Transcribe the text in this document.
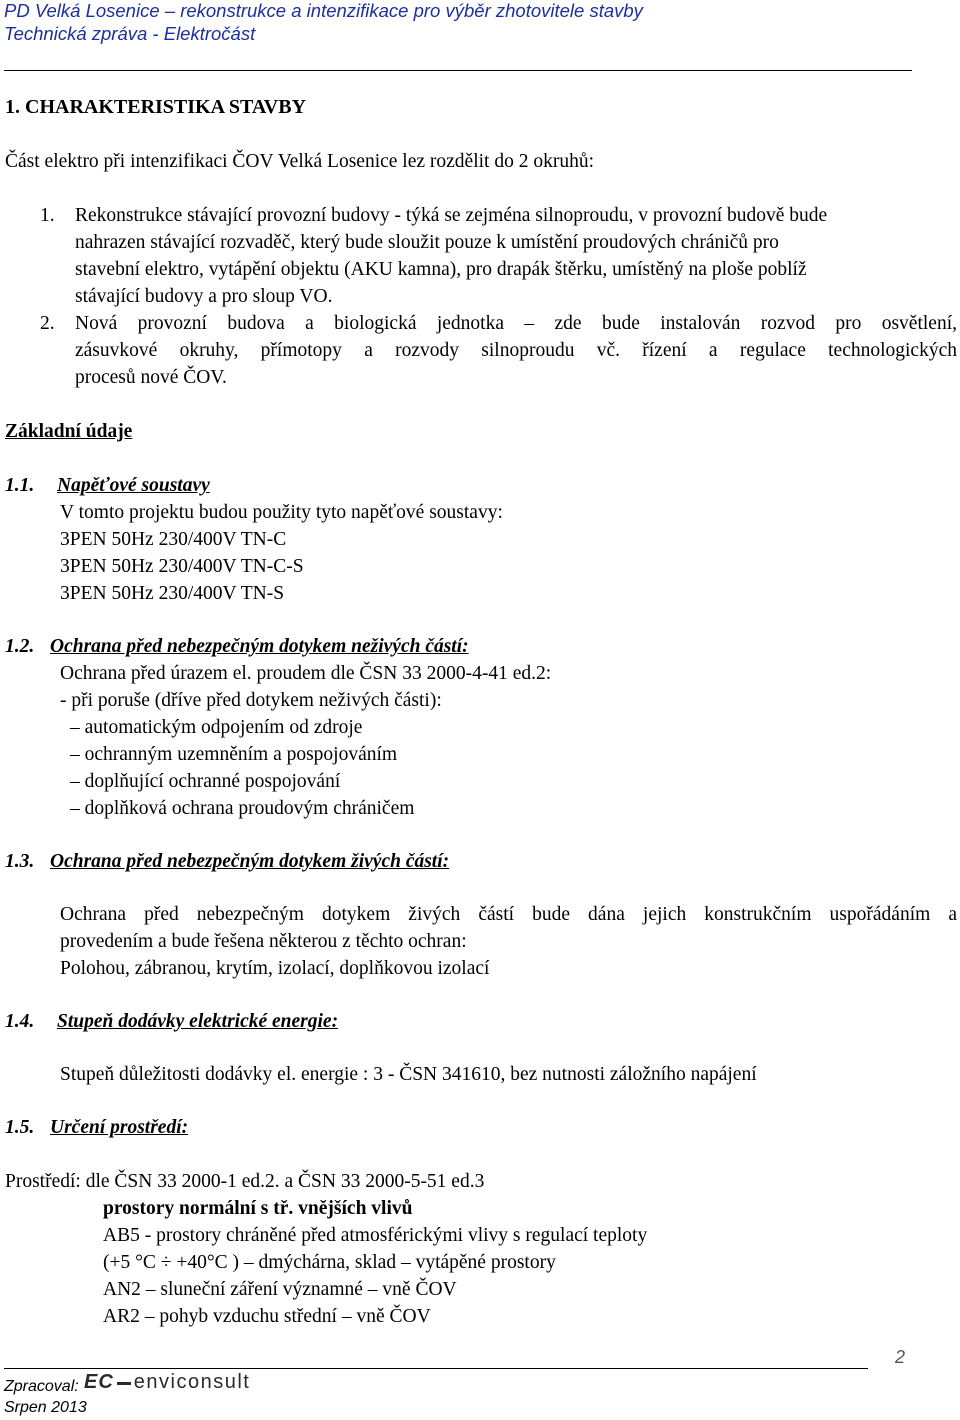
PD Velká Losenice – rekonstrukce a intenzifikace pro výběr zhotovitele stavby
Technická zpráva - Elektročást
1. CHARAKTERISTIKA STAVBY
Část elektro při intenzifikaci ČOV Velká Losenice lez rozdělit do 2 okruhů:
1. Rekonstrukce stávající provozní budovy - týká se zejména silnoproudu, v provozní budově bude
nahrazen stávající rozvaděč, který bude sloužit pouze k umístění proudových chráničů pro
stavební elektro, vytápění objektu (AKU kamna), pro drapák štěrku, umístěný na ploše poblíž
stávající budovy a pro sloup VO.
2. Nová provozní budova a biologická jednotka – zde bude instalován rozvod pro osvětlení,
zásuvkové okruhy, přímotopy a rozvody silnoproudu vč. řízení a regulace technologických
procesů nové ČOV.
Základní údaje
1.1. Napěťové soustavy
V tomto projektu budou použity tyto napěťové soustavy:
3PEN 50Hz 230/400V TN-C
3PEN 50Hz 230/400V TN-C-S
3PEN 50Hz 230/400V TN-S
1.2. Ochrana před nebezpečným dotykem neživých částí:
Ochrana před úrazem el. proudem dle ČSN 33 2000-4-41 ed.2:
- při poruše (dříve před dotykem neživých části):
– automatickým odpojením od zdroje
– ochranným uzemněním a pospojováním
– doplňující ochranné pospojování
– doplňková ochrana proudovým chráničem
1.3. Ochrana před nebezpečným dotykem živých částí:
Ochrana před nebezpečným dotykem živých částí bude dána jejich konstrukčním uspořádáním a
provedením a bude řešena některou z těchto ochran:
Polohou, zábranou, krytím, izolací, doplňkovou izolací
1.4. Stupeň dodávky elektrické energie:
Stupeň důležitosti dodávky el. energie : 3 - ČSN 341610, bez nutnosti záložního napájení
1.5. Určení prostředí:
Prostředí: dle ČSN 33 2000-1 ed.2. a ČSN 33 2000-5-51 ed.3
prostory normální s tř. vnějších vlivů
AB5 - prostory chráněné před atmosférickými vlivy s regulací teploty
(+5 °C ÷ +40°C ) – dmýchárna, sklad – vytápěné prostory
AN2 – sluneční záření významné – vně ČOV
AR2 – pohyb vzduchu střední – vně ČOV
2
Zpracoval: EC enviconsult
Srpen 2013
